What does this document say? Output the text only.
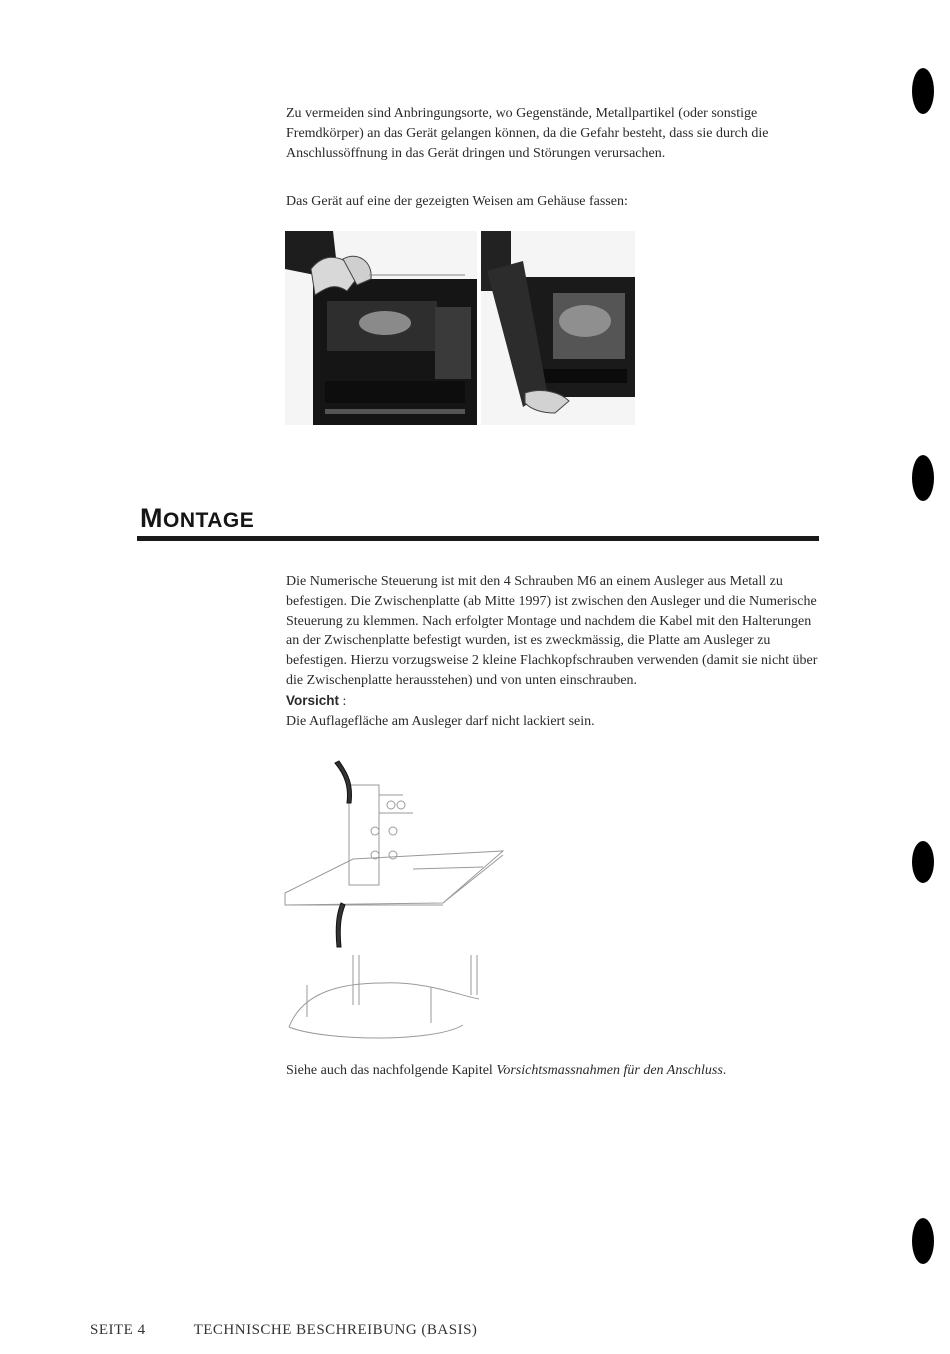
Zu vermeiden sind Anbringungsorte, wo Gegenstände, Metallpartikel (oder sonstige Fremdkörper) an das Gerät gelangen können, da die Gefahr besteht, dass sie durch die Anschlussöffnung in das Gerät dringen und Störungen verursachen.

Das Gerät auf eine der gezeigten Weisen am Gehäuse fassen:

MONTAGE
Die Numerische Steuerung ist mit den 4 Schrauben M6 an einem Ausleger aus Metall zu befestigen. Die Zwischenplatte (ab Mitte 1997) ist zwischen den Ausleger und die Numerische Steuerung zu klemmen. Nach erfolgter Montage und nachdem die Kabel mit den Halterungen an der Zwischenplatte befestigt wurden, ist es zweckmässig, die Platte am Ausleger zu befestigen. Hierzu vorzugsweise 2 kleine Flachkopfschrauben verwenden (damit sie nicht über die Zwischenplatte herausstehen) und von unten einschrauben.
Vorsicht :
Die Auflagefläche am Ausleger darf nicht lackiert sein.

Siehe auch das nachfolgende Kapitel Vorsichtsmassnahmen für den Anschluss.

SEITE 4	TECHNISCHE BESCHREIBUNG (BASIS)
